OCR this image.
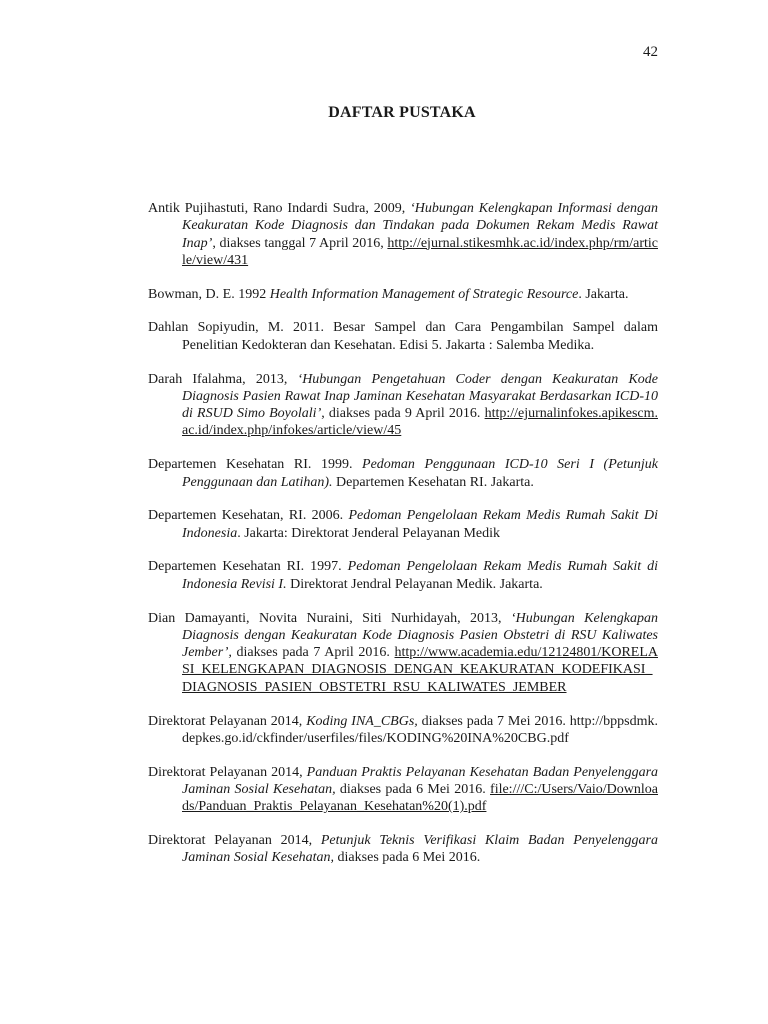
42
DAFTAR PUSTAKA

Antik Pujihastuti, Rano Indardi Sudra, 2009, ‘Hubungan Kelengkapan Informasi dengan Keakuratan Kode Diagnosis dan Tindakan pada Dokumen Rekam Medis Rawat Inap’, diakses tanggal 7 April 2016, http://ejurnal.stikesmhk.ac.id/index.php/rm/article/view/431

Bowman, D. E. 1992 Health Information Management of Strategic Resource. Jakarta.

Dahlan Sopiyudin, M. 2011. Besar Sampel dan Cara Pengambilan Sampel dalam Penelitian Kedokteran dan Kesehatan. Edisi 5. Jakarta : Salemba Medika.

Darah Ifalahma, 2013, ‘Hubungan Pengetahuan Coder dengan Keakuratan Kode Diagnosis Pasien Rawat Inap Jaminan Kesehatan Masyarakat Berdasarkan ICD-10 di RSUD Simo Boyolali’, diakses pada 9 April 2016. http://ejurnalinfokes.apikescm.ac.id/index.php/infokes/article/view/45

Departemen Kesehatan RI. 1999. Pedoman Penggunaan ICD-10 Seri I (Petunjuk Penggunaan dan Latihan). Departemen Kesehatan RI. Jakarta.

Departemen Kesehatan, RI. 2006. Pedoman Pengelolaan Rekam Medis Rumah Sakit Di Indonesia. Jakarta: Direktorat Jenderal Pelayanan Medik

Departemen Kesehatan RI. 1997. Pedoman Pengelolaan Rekam Medis Rumah Sakit di Indonesia Revisi I. Direktorat Jendral Pelayanan Medik. Jakarta.

Dian Damayanti, Novita Nuraini, Siti Nurhidayah, 2013, ‘Hubungan Kelengkapan Diagnosis dengan Keakuratan Kode Diagnosis Pasien Obstetri di RSU Kaliwates Jember’, diakses pada 7 April 2016. http://www.academia.edu/12124801/KORELASI_KELENGKAPAN_DIAGNOSIS_DENGAN_KEAKURATAN_KODEFIKASI_DIAGNOSIS_PASIEN_OBSTETRI_RSU_KALIWATES_JEMBER

Direktorat Pelayanan 2014, Koding INA_CBGs, diakses pada 7 Mei 2016. http://bppsdmk.depkes.go.id/ckfinder/userfiles/files/KODING%20INA%20CBG.pdf

Direktorat Pelayanan 2014, Panduan Praktis Pelayanan Kesehatan Badan Penyelenggara Jaminan Sosial Kesehatan, diakses pada 6 Mei 2016. file:///C:/Users/Vaio/Downloads/Panduan_Praktis_Pelayanan_Kesehatan%20(1).pdf

Direktorat Pelayanan 2014, Petunjuk Teknis Verifikasi Klaim Badan Penyelenggara Jaminan Sosial Kesehatan, diakses pada 6 Mei 2016.
